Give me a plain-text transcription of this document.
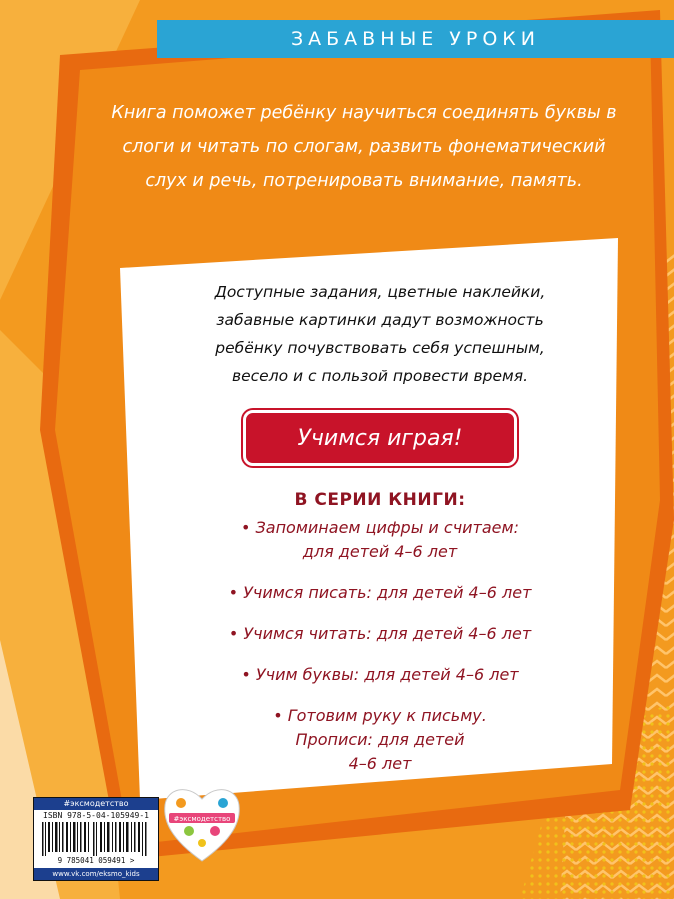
ЗАБАВНЫЕ УРОКИ
Книга поможет ребёнку научиться соединять буквы в слоги и читать по слогам, развить фонематический слух и речь, потренировать внимание, память.
Доступные задания, цветные наклейки,
забавные картинки дадут возможность
ребёнку почувствовать себя успешным,
весело и с пользой провести время.
Учимся играя!
В СЕРИИ КНИГИ:
• Запоминаем цифры и считаем:
для детей 4–6 лет
• Учимся писать: для детей 4–6 лет
• Учимся читать: для детей 4–6 лет
• Учим буквы: для детей 4–6 лет
• Готовим руку к письму.
Прописи: для детей
4–6 лет
#эксмодетство
ISBN 978-5-04-105949-1
9 785041 059491 >
www.vk.com/eksmo_kids
#эксмодетство
